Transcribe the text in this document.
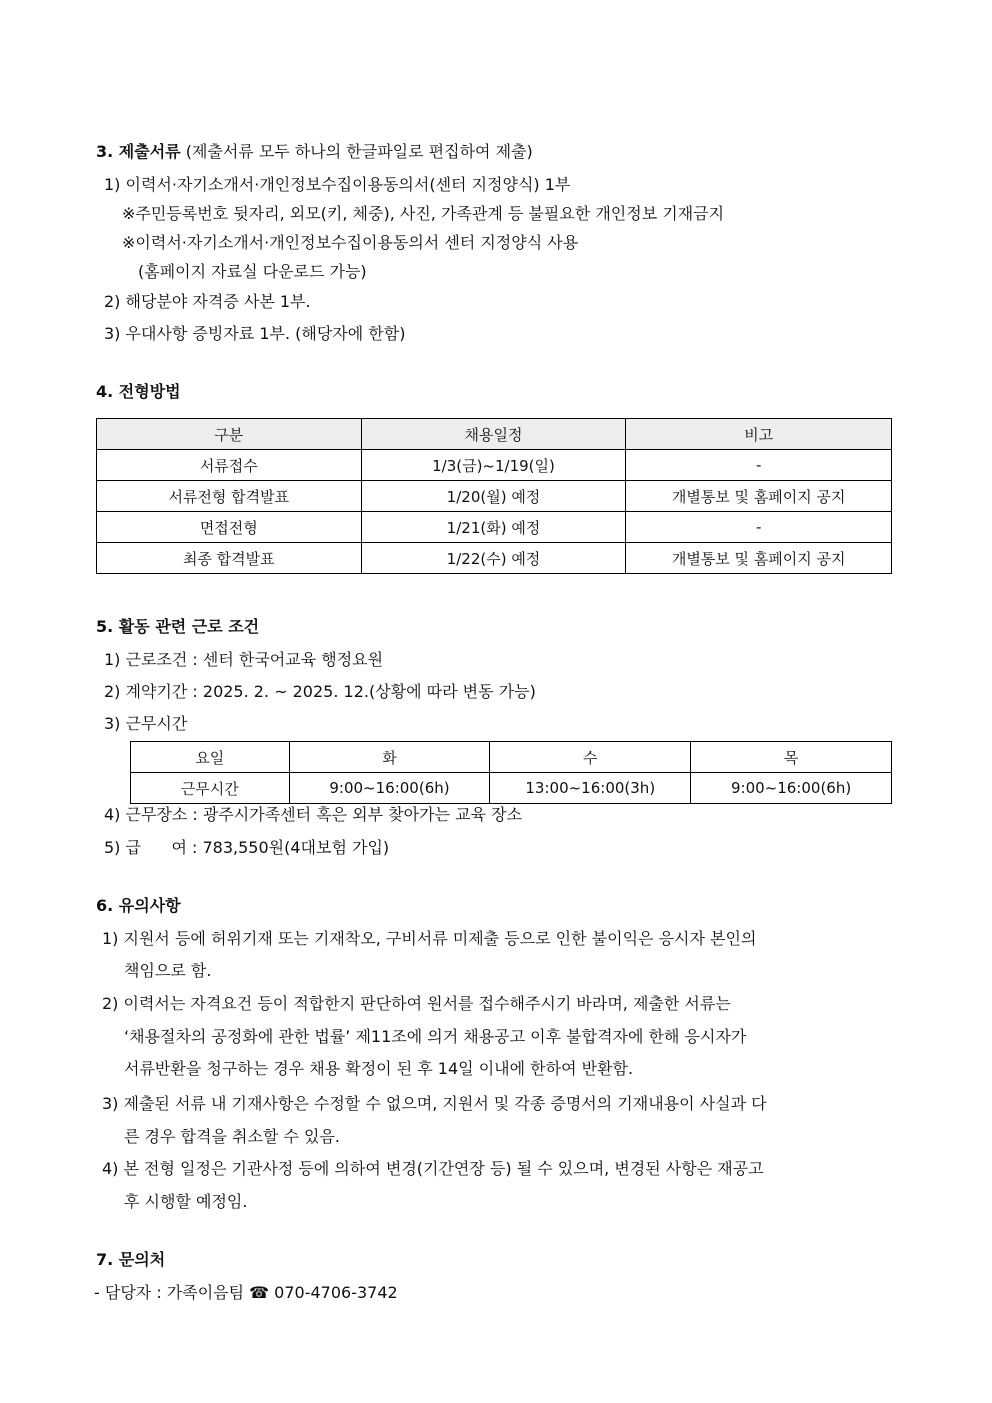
3. 제출서류 (제출서류 모두 하나의 한글파일로 편집하여 제출)
1) 이력서·자기소개서·개인정보수집이용동의서(센터 지정양식) 1부
※주민등록번호 뒷자리, 외모(키, 체중), 사진, 가족관계 등 불필요한 개인정보 기재금지
※이력서·자기소개서·개인정보수집이용동의서 센터 지정양식 사용
(홈페이지 자료실 다운로드 가능)
2) 해당분야 자격증 사본 1부.
3) 우대사항 증빙자료 1부. (해당자에 한함)
4. 전형방법
구분	채용일정	비고
서류접수	1/3(금)~1/19(일)	-
서류전형 합격발표	1/20(월) 예정	개별통보 및 홈페이지 공지
면접전형	1/21(화) 예정	-
최종 합격발표	1/22(수) 예정	개별통보 및 홈페이지 공지
5. 활동 관련 근로 조건
1) 근로조건 : 센터 한국어교육 행정요원
2) 계약기간 : 2025. 2. ~ 2025. 12.(상황에 따라 변동 가능)
3) 근무시간
요일	화	수	목
근무시간	9:00~16:00(6h)	13:00~16:00(3h)	9:00~16:00(6h)
4) 근무장소 : 광주시가족센터 혹은 외부 찾아가는 교육 장소
5) 급      여 : 783,550원(4대보험 가입)
6. 유의사항
1) 지원서 등에 허위기재 또는 기재착오, 구비서류 미제출 등으로 인한 불이익은 응시자 본인의
책임으로 함.
2) 이력서는 자격요건 등이 적합한지 판단하여 원서를 접수해주시기 바라며, 제출한 서류는
‘채용절차의 공정화에 관한 법률’ 제11조에 의거 채용공고 이후 불합격자에 한해 응시자가
서류반환을 청구하는 경우 채용 확정이 된 후 14일 이내에 한하여 반환함.
3) 제출된 서류 내 기재사항은 수정할 수 없으며, 지원서 및 각종 증명서의 기재내용이 사실과 다
른 경우 합격을 취소할 수 있음.
4) 본 전형 일정은 기관사정 등에 의하여 변경(기간연장 등) 될 수 있으며, 변경된 사항은 재공고
후 시행할 예정임.
7. 문의처
- 담당자 : 가족이음팀 ☎ 070-4706-3742
